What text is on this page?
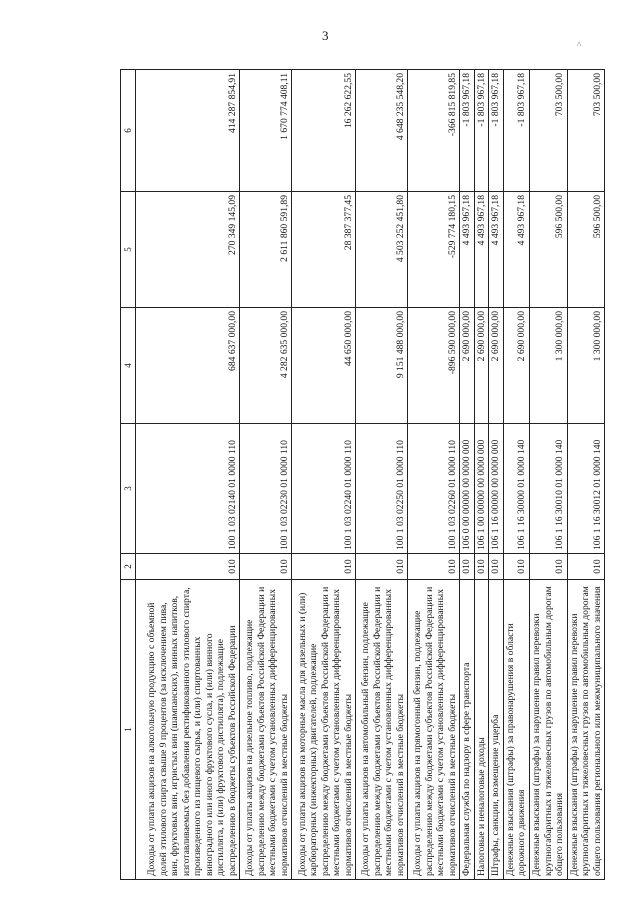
3
^
1	2	3	4	5	6
Доходы от уплаты акцизов на алкогольную продукцию с объемной долей этилового спирта свыше 9 процентов (за исключением пива, вин, фруктовых вин, игристых вин (шампанских), винных напитков, изготавливаемых без добавления ректификованного этилового спирта, произведенного из пищевого сырья, и (или) спиртованных виноградного или иного фруктового сусла, и (или) винного дистиллята, и (или) фруктового дистиллята), подлежащие распределению в бюджеты субъектов Российской Федерации	010	100 1 03 02140 01 0000 110	684 637 000,00	270 349 145,09	414 287 854,91
Доходы от уплаты акцизов на дизельное топливо, подлежащие распределению между бюджетами субъектов Российской Федерации и местными бюджетами с учетом установленных дифференцированных нормативов отчислений в местные бюджеты	010	100 1 03 02230 01 0000 110	4 282 635 000,00	2 611 860 591,89	1 670 774 408,11
Доходы от уплаты акцизов на моторные масла для дизельных и (или) карбюраторных (инжекторных) двигателей, подлежащие распределению между бюджетами субъектов Российской Федерации и местными бюджетами с учетом установленных дифференцированных нормативов отчислений в местные бюджеты	010	100 1 03 02240 01 0000 110	44 650 000,00	28 387 377,45	16 262 622,55
Доходы от уплаты акцизов на автомобильный бензин, подлежащие распределению между бюджетами субъектов Российской Федерации и местными бюджетами с учетом установленных дифференцированных нормативов отчислений в местные бюджеты	010	100 1 03 02250 01 0000 110	9 151 488 000,00	4 503 252 451,80	4 648 235 548,20
Доходы от уплаты акцизов на прямогонный бензин, подлежащие распределению между бюджетами субъектов Российской Федерации и местными бюджетами с учетом установленных дифференцированных нормативов отчислений в местные бюджеты	010	100 1 03 02260 01 0000 110	-896 590 000,00	-529 774 180,15	-366 815 819,85
Федеральная служба по надзору в сфере транспорта	010	106 0 00 00000 00 0000 000	2 690 000,00	4 493 967,18	-1 803 967,18
Налоговые и неналоговые доходы	010	106 1 00 00000 00 0000 000	2 690 000,00	4 493 967,18	-1 803 967,18
Штрафы, санкции, возмещение ущерба	010	106 1 16 00000 00 0000 000	2 690 000,00	4 493 967,18	-1 803 967,18
Денежные взыскания (штрафы) за правонарушения в области дорожного движения	010	106 1 16 30000 01 0000 140	2 690 000,00	4 493 967,18	-1 803 967,18
Денежные взыскания (штрафы) за нарушение правил перевозки крупногабаритных и тяжеловесных грузов по автомобильным дорогам общего пользования	010	106 1 16 30010 01 0000 140	1 300 000,00	596 500,00	703 500,00
Денежные взыскания (штрафы) за нарушение правил перевозки крупногабаритных и тяжеловесных грузов по автомобильным дорогам общего пользования регионального или межмуниципального значения	010	106 1 16 30012 01 0000 140	1 300 000,00	596 500,00	703 500,00
